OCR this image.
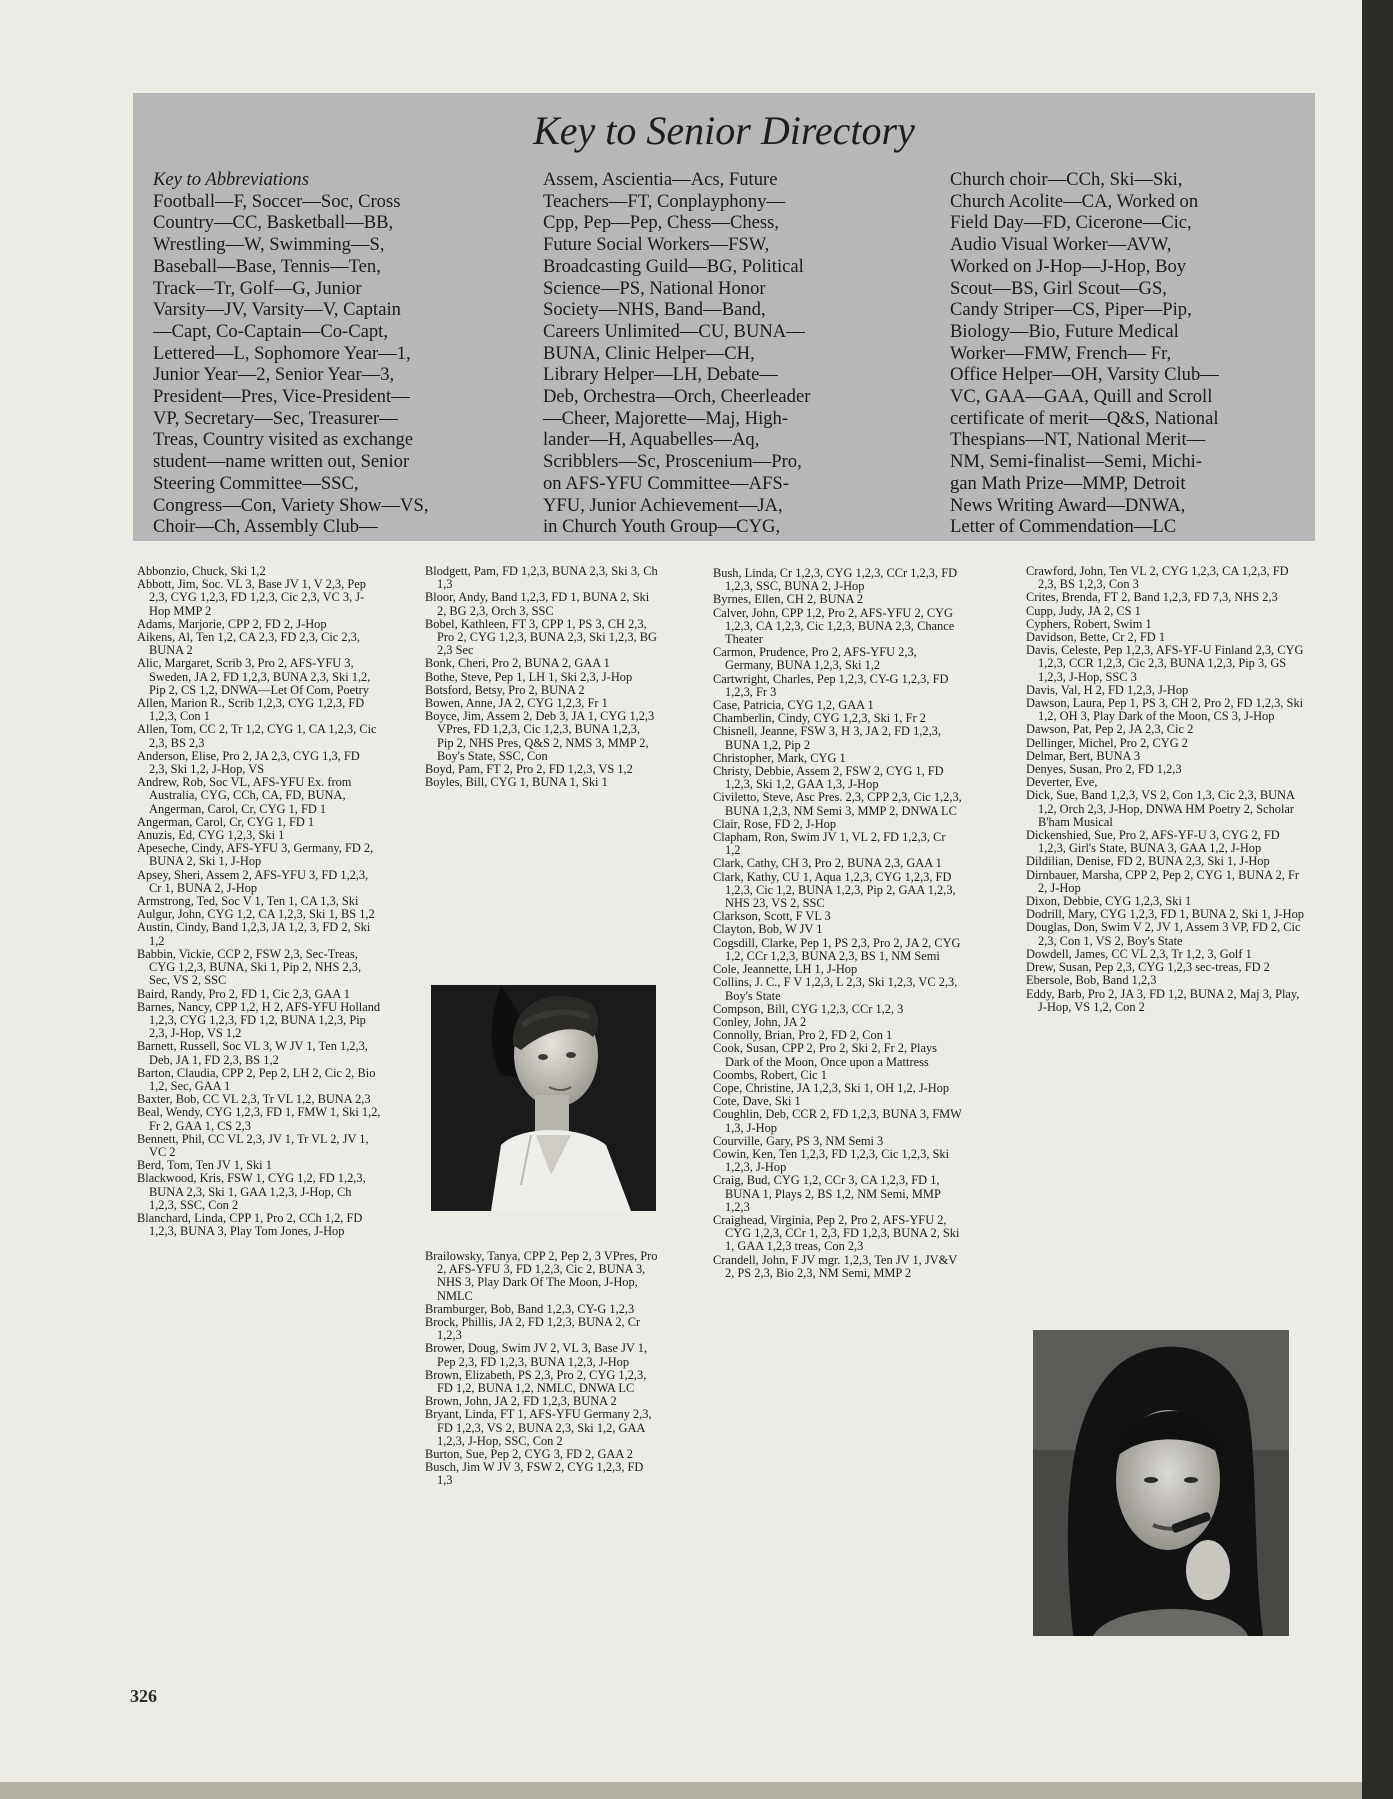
Key to Senior Directory
Key to Abbreviations
Football—F, Soccer—Soc, Cross
Country—CC, Basketball—BB,
Wrestling—W, Swimming—S,
Baseball—Base, Tennis—Ten,
Track—Tr, Golf—G, Junior
Varsity—JV, Varsity—V, Captain
—Capt, Co-Captain—Co-Capt,
Lettered—L, Sophomore Year—1,
Junior Year—2, Senior Year—3,
President—Pres, Vice-President—
VP, Secretary—Sec, Treasurer—
Treas, Country visited as exchange
student—name written out, Senior
Steering Committee—SSC,
Congress—Con, Variety Show—VS,
Choir—Ch, Assembly Club—
Assem, Ascientia—Acs, Future
Teachers—FT, Conplayphony—
Cpp, Pep—Pep, Chess—Chess,
Future Social Workers—FSW,
Broadcasting Guild—BG, Political
Science—PS, National Honor
Society—NHS, Band—Band,
Careers Unlimited—CU, BUNA—
BUNA, Clinic Helper—CH,
Library Helper—LH, Debate—
Deb, Orchestra—Orch, Cheerleader
—Cheer, Majorette—Maj, High-
lander—H, Aquabelles—Aq,
Scribblers—Sc, Proscenium—Pro,
on AFS-YFU Committee—AFS-
YFU, Junior Achievement—JA,
in Church Youth Group—CYG,
Church choir—CCh, Ski—Ski,
Church Acolite—CA, Worked on
Field Day—FD, Cicerone—Cic,
Audio Visual Worker—AVW,
Worked on J-Hop—J-Hop, Boy
Scout—BS, Girl Scout—GS,
Candy Striper—CS, Piper—Pip,
Biology—Bio, Future Medical
Worker—FMW, French— Fr,
Office Helper—OH, Varsity Club—
VC, GAA—GAA, Quill and Scroll
certificate of merit—Q&S, National
Thespians—NT, National Merit—
NM, Semi-finalist—Semi, Michi-
gan Math Prize—MMP, Detroit
News Writing Award—DNWA,
Letter of Commendation—LC
Abbonzio, Chuck, Ski 1,2
Abbott, Jim, Soc. VL 3, Base JV 1, V 2,3, Pep 2,3, CYG 1,2,3, FD 1,2,3, Cic 2,3, VC 3, J-Hop MMP 2
Adams, Marjorie, CPP 2, FD 2, J-Hop
Aikens, Al, Ten 1,2, CA 2,3, FD 2,3, Cic 2,3, BUNA 2
Alic, Margaret, Scrib 3, Pro 2, AFS-YFU 3, Sweden, JA 2, FD 1,2,3, BUNA 2,3, Ski 1,2, Pip 2, CS 1,2, DNWA—Let Of Com, Poetry
Allen, Marion R., Scrib 1,2,3, CYG 1,2,3, FD 1,2,3, Con 1
Allen, Tom, CC 2, Tr 1,2, CYG 1, CA 1,2,3, Cic 2,3, BS 2,3
Anderson, Elise, Pro 2, JA 2,3, CYG 1,3, FD 2,3, Ski 1,2, J-Hop, VS
Andrew, Rob, Soc VL, AFS-YFU Ex. from Australia, CYG, CCh, CA, FD, BUNA, Angerman, Carol, Cr, CYG 1, FD 1
Angerman, Carol, Cr, CYG 1, FD 1
Anuzis, Ed, CYG 1,2,3, Ski 1
Apeseche, Cindy, AFS-YFU 3, Germany, FD 2, BUNA 2, Ski 1, J-Hop
Apsey, Sheri, Assem 2, AFS-YFU 3, FD 1,2,3, Cr 1, BUNA 2, J-Hop
Armstrong, Ted, Soc V 1, Ten 1, CA 1,3, Ski
Aulgur, John, CYG 1,2, CA 1,2,3, Ski 1, BS 1,2
Austin, Cindy, Band 1,2,3, JA 1,2, 3, FD 2, Ski 1,2
Babbin, Vickie, CCP 2, FSW 2,3, Sec-Treas, CYG 1,2,3, BUNA, Ski 1, Pip 2, NHS 2,3, Sec, VS 2, SSC
Baird, Randy, Pro 2, FD 1, Cic 2,3, GAA 1
Barnes, Nancy, CPP 1,2, H 2, AFS-YFU Holland 1,2,3, CYG 1,2,3, FD 1,2, BUNA 1,2,3, Pip 2,3, J-Hop, VS 1,2
Barnett, Russell, Soc VL 3, W JV 1, Ten 1,2,3, Deb, JA 1, FD 2,3, BS 1,2
Barton, Claudia, CPP 2, Pep 2, LH 2, Cic 2, Bio 1,2, Sec, GAA 1
Baxter, Bob, CC VL 2,3, Tr VL 1,2, BUNA 2,3
Beal, Wendy, CYG 1,2,3, FD 1, FMW 1, Ski 1,2, Fr 2, GAA 1, CS 2,3
Bennett, Phil, CC VL 2,3, JV 1, Tr VL 2, JV 1, VC 2
Berd, Tom, Ten JV 1, Ski 1
Blackwood, Kris, FSW 1, CYG 1,2, FD 1,2,3, BUNA 2,3, Ski 1, GAA 1,2,3, J-Hop, Ch 1,2,3, SSC, Con 2
Blanchard, Linda, CPP 1, Pro 2, CCh 1,2, FD 1,2,3, BUNA 3, Play Tom Jones, J-Hop
Blodgett, Pam, FD 1,2,3, BUNA 2,3, Ski 3, Ch 1,3
Bloor, Andy, Band 1,2,3, FD 1, BUNA 2, Ski 2, BG 2,3, Orch 3, SSC
Bobel, Kathleen, FT 3, CPP 1, PS 3, CH 2,3, Pro 2, CYG 1,2,3, BUNA 2,3, Ski 1,2,3, BG 2,3 Sec
Bonk, Cheri, Pro 2, BUNA 2, GAA 1
Bothe, Steve, Pep 1, LH 1, Ski 2,3, J-Hop
Botsford, Betsy, Pro 2, BUNA 2
Bowen, Anne, JA 2, CYG 1,2,3, Fr 1
Boyce, Jim, Assem 2, Deb 3, JA 1, CYG 1,2,3 VPres, FD 1,2,3, Cic 1,2,3, BUNA 1,2,3, Pip 2, NHS Pres, Q&S 2, NMS 3, MMP 2, Boy's State, SSC, Con
Boyd, Pam, FT 2, Pro 2, FD 1,2,3, VS 1,2
Boyles, Bill, CYG 1, BUNA 1, Ski 1
Brailowsky, Tanya, CPP 2, Pep 2, 3 VPres, Pro 2, AFS-YFU 3, FD 1,2,3, Cic 2, BUNA 3, NHS 3, Play Dark Of The Moon, J-Hop, NMLC
Bramburger, Bob, Band 1,2,3, CY-G 1,2,3
Brock, Phillis, JA 2, FD 1,2,3, BUNA 2, Cr 1,2,3
Brower, Doug, Swim JV 2, VL 3, Base JV 1, Pep 2,3, FD 1,2,3, BUNA 1,2,3, J-Hop
Brown, Elizabeth, PS 2,3, Pro 2, CYG 1,2,3, FD 1,2, BUNA 1,2, NMLC, DNWA LC
Brown, John, JA 2, FD 1,2,3, BUNA 2
Bryant, Linda, FT 1, AFS-YFU Germany 2,3, FD 1,2,3, VS 2, BUNA 2,3, Ski 1,2, GAA 1,2,3, J-Hop, SSC, Con 2
Burton, Sue, Pep 2, CYG 3, FD 2, GAA 2
Busch, Jim W JV 3, FSW 2, CYG 1,2,3, FD 1,3
Bush, Linda, Cr 1,2,3, CYG 1,2,3, CCr 1,2,3, FD 1,2,3, SSC, BUNA 2, J-Hop
Byrnes, Ellen, CH 2, BUNA 2
Calver, John, CPP 1,2, Pro 2, AFS-YFU 2, CYG 1,2,3, CA 1,2,3, Cic 1,2,3, BUNA 2,3, Chance Theater
Carmon, Prudence, Pro 2, AFS-YFU 2,3, Germany, BUNA 1,2,3, Ski 1,2
Cartwright, Charles, Pep 1,2,3, CY-G 1,2,3, FD 1,2,3, Fr 3
Case, Patricia, CYG 1,2, GAA 1
Chamberlin, Cindy, CYG 1,2,3, Ski 1, Fr 2
Chisnell, Jeanne, FSW 3, H 3, JA 2, FD 1,2,3, BUNA 1,2, Pip 2
Christopher, Mark, CYG 1
Christy, Debbie, Assem 2, FSW 2, CYG 1, FD 1,2,3, Ski 1,2, GAA 1,3, J-Hop
Civiletto, Steve, Asc Pres. 2,3, CPP 2,3, Cic 1,2,3, BUNA 1,2,3, NM Semi 3, MMP 2, DNWA LC
Clair, Rose, FD 2, J-Hop
Clapham, Ron, Swim JV 1, VL 2, FD 1,2,3, Cr 1,2
Clark, Cathy, CH 3, Pro 2, BUNA 2,3, GAA 1
Clark, Kathy, CU 1, Aqua 1,2,3, CYG 1,2,3, FD 1,2,3, Cic 1,2, BUNA 1,2,3, Pip 2, GAA 1,2,3, NHS 23, VS 2, SSC
Clarkson, Scott, F VL 3
Clayton, Bob, W JV 1
Cogsdill, Clarke, Pep 1, PS 2,3, Pro 2, JA 2, CYG 1,2, CCr 1,2,3, BUNA 2,3, BS 1, NM Semi
Cole, Jeannette, LH 1, J-Hop
Collins, J. C., F V 1,2,3, L 2,3, Ski 1,2,3, VC 2,3, Boy's State
Compson, Bill, CYG 1,2,3, CCr 1,2, 3
Conley, John, JA 2
Connolly, Brian, Pro 2, FD 2, Con 1
Cook, Susan, CPP 2, Pro 2, Ski 2, Fr 2, Plays Dark of the Moon, Once upon a Mattress
Coombs, Robert, Cic 1
Cope, Christine, JA 1,2,3, Ski 1, OH 1,2, J-Hop
Cote, Dave, Ski 1
Coughlin, Deb, CCR 2, FD 1,2,3, BUNA 3, FMW 1,3, J-Hop
Courville, Gary, PS 3, NM Semi 3
Cowin, Ken, Ten 1,2,3, FD 1,2,3, Cic 1,2,3, Ski 1,2,3, J-Hop
Craig, Bud, CYG 1,2, CCr 3, CA 1,2,3, FD 1, BUNA 1, Plays 2, BS 1,2, NM Semi, MMP 1,2,3
Craighead, Virginia, Pep 2, Pro 2, AFS-YFU 2, CYG 1,2,3, CCr 1, 2,3, FD 1,2,3, BUNA 2, Ski 1, GAA 1,2,3 treas, Con 2,3
Crandell, John, F JV mgr. 1,2,3, Ten JV 1, JV&V 2, PS 2,3, Bio 2,3, NM Semi, MMP 2
Crawford, John, Ten VL 2, CYG 1,2,3, CA 1,2,3, FD 2,3, BS 1,2,3, Con 3
Crites, Brenda, FT 2, Band 1,2,3, FD 7,3, NHS 2,3
Cupp, Judy, JA 2, CS 1
Cyphers, Robert, Swim 1
Davidson, Bette, Cr 2, FD 1
Davis, Celeste, Pep 1,2,3, AFS-YF-U Finland 2,3, CYG 1,2,3, CCR 1,2,3, Cic 2,3, BUNA 1,2,3, Pip 3, GS 1,2,3, J-Hop, SSC 3
Davis, Val, H 2, FD 1,2,3, J-Hop
Dawson, Laura, Pep 1, PS 3, CH 2, Pro 2, FD 1,2,3, Ski 1,2, OH 3, Play Dark of the Moon, CS 3, J-Hop
Dawson, Pat, Pep 2, JA 2,3, Cic 2
Dellinger, Michel, Pro 2, CYG 2
Delmar, Bert, BUNA 3
Denyes, Susan, Pro 2, FD 1,2,3
Deverter, Eve,
Dick, Sue, Band 1,2,3, VS 2, Con 1,3, Cic 2,3, BUNA 1,2, Orch 2,3, J-Hop, DNWA HM Poetry 2, Scholar B'ham Musical
Dickenshied, Sue, Pro 2, AFS-YF-U 3, CYG 2, FD 1,2,3, Girl's State, BUNA 3, GAA 1,2, J-Hop
Dildilian, Denise, FD 2, BUNA 2,3, Ski 1, J-Hop
Dirnbauer, Marsha, CPP 2, Pep 2, CYG 1, BUNA 2, Fr 2, J-Hop
Dixon, Debbie, CYG 1,2,3, Ski 1
Dodrill, Mary, CYG 1,2,3, FD 1, BUNA 2, Ski 1, J-Hop
Douglas, Don, Swim V 2, JV 1, Assem 3 VP, FD 2, Cic 2,3, Con 1, VS 2, Boy's State
Dowdell, James, CC VL 2,3, Tr 1,2, 3, Golf 1
Drew, Susan, Pep 2,3, CYG 1,2,3 sec-treas, FD 2
Ebersole, Bob, Band 1,2,3
Eddy, Barb, Pro 2, JA 3, FD 1,2, BUNA 2, Maj 3, Play, J-Hop, VS 1,2, Con 2
326
